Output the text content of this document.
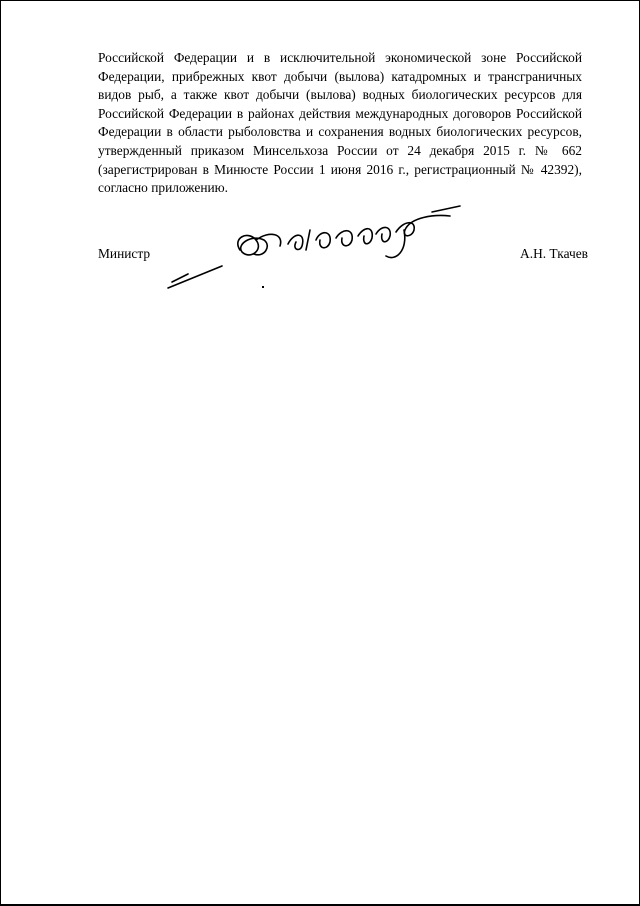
Российской Федерации и в исключительной экономической зоне Российской Федерации, прибрежных квот добычи (вылова) катадромных и трансграничных видов рыб, а также квот добычи (вылова) водных биологических ресурсов для Российской Федерации в районах действия международных договоров Российской Федерации в области рыболовства и сохранения водных биологических ресурсов, утвержденный приказом Минсельхоза России от 24 декабря 2015 г. № 662 (зарегистрирован в Минюсте России 1 июня 2016 г., регистрационный № 42392), согласно приложению.

Министр	А.Н. Ткачев
